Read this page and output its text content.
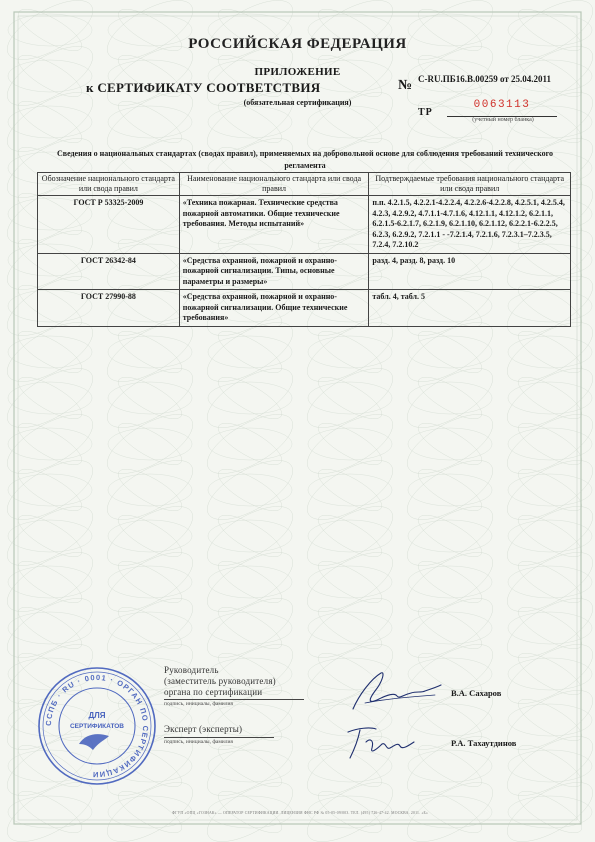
РОССИЙСКАЯ ФЕДЕРАЦИЯ
ПРИЛОЖЕНИЕ
к СЕРТИФИКАТУ СООТВЕТСТВИЯ	№ С-RU.ПБ16.В.00259 от 25.04.2011
(обязательная сертификация)
ТР
0063113
(учетный номер бланка)
Сведения о национальных стандартах (сводах правил), применяемых на добровольной основе для соблюдения требований технического регламента
Обозначение национального стандарта или свода правил	Наименование национального стандарта или свода правил	Подтверждаемые требования национального стандарта или свода правил
ГОСТ Р 53325-2009	«Техника пожарная. Технические средства пожарной автоматики. Общие технические требования. Методы испытаний»	п.п. 4.2.1.5, 4.2.2.1-4.2.2.4, 4.2.2.6-4.2.2.8, 4.2.5.1, 4.2.5.4, 4.2.3, 4.2.9.2, 4.7.1.1-4.7.1.6, 4.12.1.1, 4.12.1.2, 6.2.1.1, 6.2.1.5-6.2.1.7, 6.2.1.9, 6.2.1.10, 6.2.1.12, 6.2.2.1-6.2.2.5, 6.2.3, 6.2.9.2, 7.2.1.1 - -7.2.1.4, 7.2.1.6, 7.2.3.1–7.2.3.5, 7.2.4, 7.2.10.2
ГОСТ 26342-84	«Средства охранной, пожарной и охранно-пожарной сигнализации. Типы, основные параметры и размеры»	разд. 4, разд. 8, разд. 10
ГОСТ 27990-88	«Средства охранной, пожарной и охранно-пожарной сигнализации. Общие технические требования»	табл. 4, табл. 5
Руководитель
(заместитель руководителя)
органа по сертификации
подпись, инициалы, фамилия
В.А. Сахаров
Эксперт (эксперты)
подпись, инициалы, фамилия	Р.А. Тахаутдинов
ССПБ · RU · 0001 · ОРГАН ПО СЕРТИФИКАЦИИ
ДЛЯ
СЕРТИФИКАТОВ
ФГУП «ОПЦ «ГОЗНАК» — ОПЕРАТОР СЕРТИФИКАЦИИ. ЛИЦЕНЗИЯ ФНС РФ № 05-05-09/003. ТЕЛ. (495) 726-47-42. МОСКВА. 2011. «Б»
